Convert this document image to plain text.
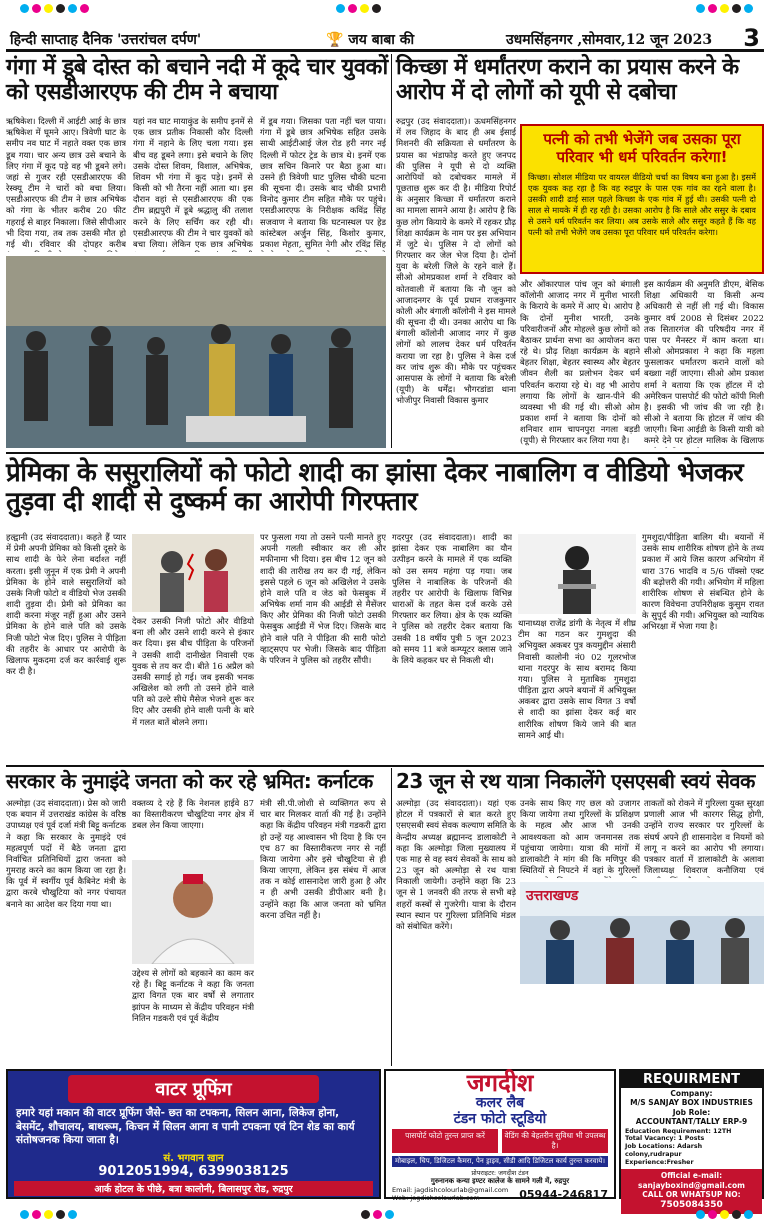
हिन्दी साप्ताह दैनिक 'उत्तरांचल दर्पण'	🏆 जय बाबा की	उधमसिंहनगर ,सोमवार,12 जून 2023 3
गंगा में डूबे दोस्त को बचाने नदी में कूदे चार युवकों को एसडीआरएफ की टीम ने बचाया
ऋषिकेश। दिल्ली में आईटी आई के छात्र ऋषिकेश में घूमने आए। त्रिवेणी घाट के समीप नव घाट में नहाते वक्त एक छात्र डूब गया। चार अन्य छात्र उसे बचाने के लिए गंगा में कूद पड़े वह भी डूबने लगे। जहां से गुजर रही एसडीआरएफ की रेस्क्यू टीम ने चारों को बचा लिया। एसडीआरएफ की टीम ने छात्र अभिषेक को गंगा के भीतर करीब 20 फीट गहराई से बाहर निकाला। जिसे सीपीआर भी दिया गया, तब तक उसकी मौत हो गई थी। रविवार की दोपहर करीब
यहां नव घाट मायाकुंड के समीप इनमें से एक छात्र प्रतीक निकासी कौर दिल्ली गंगा में नहाने के लिए चला गया। इस बीच वह डूबने लगा। इसे बचाने के लिए उसके दोस्त शिवम, विशाल, अभिषेक, शिवम भी गंगा में कूद पड़े। इनमें से किसी को भी तैरना नहीं आता था। इस दौरान वहां से एसडीआरएफ की एक टीम ब्रह्मपुरी में डूबे श्रद्धालु की तलाश करने के लिए सर्चिंग कर रही थी। एसडीआरएफ की टीम ने चार युवकों को बचा लिया। लेकिन एक छात्र अभिषेक
में डूब गया। जिसका पता नहीं चल पाया। गंगा में डूबे छात्र अभिषेक सहित उसके साथी आईटीआई जेल रोड हरी नगर नई दिल्ली में फोटर ट्रेड के छात्र थे। इनमें एक छात्र सचिन किनारे पर बैठा हुआ था। उसने ही त्रिवेणी घाट पुलिस चौकी घटना की सूचना दी। उसके बाद चौकी प्रभारी विनोद कुमार टीम सहित मौके पर पहुंचे। एसडीआरएफ के निरीक्षक कविंद्र सिंह सजवाण ने बताया कि घटनास्थल पर हेड कांस्टेबल अर्जुन सिंह, किशोर कुमार, प्रकाश मेहता, सुमित नेगी और रविंद्र सिंह
किच्छा में धर्मांतरण कराने का प्रयास करने के आरोप में दो लोगों को यूपी से दबोचा
रुद्रपुर (उद संवाददाता)। ऊधमसिंहनगर में लव जिहाद के बाद ही अब ईसाई मिशनरी की सक्रियता से धर्मांतरण के प्रयास का भंडाफोड़ करते हुए जनपद की पुलिस ने यूपी से दो व्यक्ति आरोपियों को दबोचकर मामले में पूछताछ शुरू कर दी है। मीडिया रिपोर्ट के अनुसार किच्छा में धर्मांतरण कराने का मामला सामने आया है। आरोप है कि कुछ लोग कियाये के कमरे में रहकर प्रौढ़ शिक्षा कार्यक्रम के नाम पर इस अभियान में जुटे थे। पुलिस ने दो लोगों को गिरफ्तार कर जेल भेज दिया है। दोनों युवा के बरेली जिले के रहने वाले हैं। सीओ ओमप्रकाश शर्मा ने रविवार को कोतवाली में बताया कि नौ जून को आजादनगर के पूर्व प्रधान राजकुमार कोली और बंगाली कॉलोनी ने इस मामले की सूचना दी थी। उनका आरोप था कि बंगाली कॉलोनी आजाद नगर में कुछ लोगों को लालच देकर धर्म परिवर्तन कराया जा रहा है। पुलिस ने केस दर्ज कर जांच शुरू की। मौके पर पहुंचकर आसपास के लोगों ने बताया कि बरेली (यूपी) के धर्मेंद्र। भौगरडांडा थाना भोजीपुर निवासी विकास कुमार
पत्नी को तभी भेजेंगे जब उसका पूरा परिवार भी धर्म परिवर्तन करेगा!
किच्छा। सोशल मीडिया पर वायरल वीडियो चर्चा का विषय बना हुआ है। इसमें एक युवक कह रहा है कि वह रुद्रपुर के पास एक गांव का रहने वाला है। उसकी शादी ढाई साल पहले किच्छा के एक गांव में हुई थी। उसकी पत्नी दो साल से मायके में ही रह रही है। उसका आरोप है कि साले और ससुर के दबाव से उसने धर्म परिवर्तन कर लिया। अब उसके साले और ससुर कहते हैं कि वह पत्नी को तभी भेजेंगे जब उसका पूरा परिवार धर्म परिवर्तन करेगा।
और ओंकारपाल पांच जून को बंगाली कॉलोनी आजाद नगर में मुनीश भारती के किराये के कमरे में आए थे। आरोप है कि दोनों मुनीश भारती, उनके परिवारीजनों और मोहल्ले कुछ लोगों को बैठाकर प्रार्थना सभा का आयोजन करा रहे थे। प्रौढ़ शिक्षा कार्यक्रम के बहाने बेहतर शिक्षा, बेहतर स्वास्थ्य और बेहतर जीवन शैली का प्रलोभन देकर धर्म परिवर्तन कराया रहे थे। वह भी आरोप लगाया कि लोगों के खान-पीने की व्यवस्था भी की गई थी। सीओ ओम प्रकाश शर्मा ने बताया कि दोनों को शनिवार शाम चापनपुरा नगला बड़डी (यूपी) से गिरफ्तार कर लिया गया है।
इस कार्यक्रम की अनुमति डीएम, बेसिक शिक्षा अधिकारी या किसी अन्य अधिकारी से नहीं ली गई थी। विकास कुमार वर्ष 2008 से दिसंबर 2022 तक सितारगंज की परिषदीय नगर में पास पर मैनस्टर में काम करता था। सीओ ओमप्रकाश ने कहा कि महला फुसलाकर धर्मांतरण कराने वालों को बख्शा नहीं जाएगा। सीओ ओम प्रकाश शर्मा ने बताया कि एक हॉटल में दो अमेरिकन पासपोर्ट की फोटो कॉपी मिली है। इसकी भी जांच की जा रही है। सीओ ने बताया कि होटल में जांच की जाएगी। बिना आईडी के किसी यात्री को कमरे देने पर होटल मालिक के खिलाफ
प्रेमिका के ससुरालियों को फोटो शादी का झांसा देकर नाबालिग व वीडियो भेजकर तुड़वा दी शादी से दुष्कर्म का आरोपी गिरफ्तार
हल्द्वानी (उद संवाददाता)। कहते हैं प्यार में प्रेमी अपनी प्रेमिका को किसी दूसरे के साथ शादी के फेरे लेना बर्दाश्त नहीं करता। इसी जुनून में एक प्रेमी ने अपनी प्रेमिका के होने वाले ससुरालियों को उसके निजी फोटो व वीडियो भेज उसकी शादी तुड़वा दी। प्रेमी को प्रेमिका का शादी करना मंजूर नहीं हुआ और उसने प्रेमिका के होने वाले पति को उसके निजी फोटो भेज दिए। पुलिस ने पीड़िता की तहरीर के आधार पर आरोपी के खिलाफ मुकदमा दर्ज कर कार्रवाई शुरू कर दी है।
देकर उसकी निजी फोटो और वीडियो बना ली और उसने शादी करने से इंकार कर दिया। इस बीच पीड़िता के परिजनों ने उसकी शादी दानीखेत निवासी एक युवक से तय कर दी। बीते 16 अप्रैल को उसकी सगाई हो गई। जब इसकी भनक अखिलेश को लगी तो उसने होने वाले पति को उल्टे सीधे मैसेज भेजने शुरू कर दिए और उसकी होने वाली पत्नी के बारे में गलत बातें बोलने लगा।
पर फुसला गया तो उसने पत्नी मानते हुए अपनी गलती स्वीकार कर ली और मफीनामा भी दिया। इस बीच 12 जून को शादी की तारीख तय कर दी गई, लेकिन इससे पहले 6 जून को अखिलेश ने उसके होने वाले पति व जेठ को फेसबुक में अभिषेक शर्मा नाम की आईडी से मैसेंजर किए और प्रेमिका की निजी फोटो उसकी फेसबुक आईडी में भेज दिए। जिसके बाद होने वाले पति ने पीड़िता की सारी फोटो व्हाट्सएप पर भेजी। जिसके बाद पीड़िता के परिजन ने पुलिस को तहरीर सौंपी।
गदरपुर (उद संवाददाता)। शादी का झांसा देकर एक नाबालिग का यौन उत्पीड़न करने के मामले में एक व्यक्ति को उस समय महंगा पड़ गया। जब पुलिस ने नाबालिक के परिजनों की तहरीर पर आरोपी के खिलाफ विभिन्न धाराओं के तहत केस दर्ज करके उसे गिरफ्तार कर लिया। क्षेत्र के एक व्यक्ति ने पुलिस को तहरीर देकर बताया कि उसकी 18 वर्षीय पुत्री 5 जून 2023 को समय 11 बजे कम्प्यूटर क्लास जाने के लिये कहकर घर से निकली थी।
थानाध्यक्ष राजेंद्र डांगी के नेतृत्व में शीघ्र टीम का गठन कर गुमशुदा की अभियुक्त अकबर पुत्र कयमुद्दीन अंसारी निवासी कालोनी नं0 02 गूलरभोज थाना गदरपुर के साथ बरामद किया गया। पुलिस ने मुताबिक गुमशुदा पीड़िता द्वारा अपने बयानों में अभियुक्त अकबर द्वारा उसके साथ विगत 3 वर्षों से शादी का झांसा देकर कई बार शारीरिक शोषण किये जाने की बात सामने आई थी।
गुमशुदा/पीड़िता बालिग थी। बयानों में उसके साथ शारीरिक शोषण होने के तथ्य प्रकाश में आये जिस कारण अभियोग में धारा 376 भादवि व 5/6 पॉक्सो एक्ट की बढ़ोत्तरी की गयी। अभियोग में महिला शारीरिक शोषण से संबन्धित होने के कारण विवेचना उपनिरीक्षक कुसुम रावत के सुपुर्द की गयी। अभियुक्त को न्यायिक अभिरक्षा में भेजा गया है।
सरकार के नुमाइंदे जनता को कर रहे भ्रमित: कर्नाटक
अल्मोड़ा (उद संवाददाता)। प्रेस को जारी एक बयान में उत्तराखंड कांग्रेस के वरिष्ठ उपाध्यक्ष एवं पूर्व दर्जा मंत्री बिट्टू कर्नाटक ने कहा कि सरकार के नुमाइंदे एवं महत्वपूर्ण पदों में बैठे जनता द्वारा निर्वाचित प्रतिनिधियों द्वारा जनता को गुमराह करने का काम किया जा रहा है। कि पूर्व में स्वर्गीय पूर्व कैबिनेट मंत्री के द्वारा करबे चौखुटिया को नगर पंचायत बनाने का आदेश कर दिया गया था।
वक्तव्य दे रहे हैं कि नेशनल हाईवे 87 का विस्तारीकरण चौखुटिया नगर क्षेत्र में डबल लेन किया जाएगा।
उद्देश्य से लोगों को बहकाने का काम कर रहे हैं। बिट्टू कर्नाटक ने कहा कि जनता द्वारा विगत एक बार वर्षों से लगातार झांपन के माध्यम से केंद्रीय परिवहन मंत्री नितिन गडकरी एवं पूर्व केंद्रीय
मंत्री सी.पी.जोशी से व्यक्तिगत रूप से चार बार मिलकर वार्ता की गई है। उन्होंने कहा कि केंद्रीय परिवहन मंत्री गडकरी द्वारा हो उन्हें यह आश्वासन भी दिया है कि एन एच 87 का विस्तारीकरण नगर से नहीं किया जायेगा और इसे चौखुटिया से ही किया जाएगा, लेकिन इस संबंध में आज तक न कोई शासनादेश जारी हुआ है और न ही अभी उसकी डीपीआर बनी है। उन्होंने कहा कि आज जनता को भ्रमित करना उचित नहीं है।
23 जून से रथ यात्रा निकालेंगे एसएसबी स्वयं सेवक
अल्मोड़ा (उद संवाददाता)। यहां एक होटल में पत्रकारों से बात करते हुए एसएसबी स्वयं सेवक कल्याण समिति के केन्द्रीय अध्यक्ष ब्रह्मानन्द डालाकोटी ने कहा कि अल्मोड़ा जिला मुख्यालय में एक माह से वह स्वयं सेवकों के साथ को 23 जून को अल्मोड़ा से रथ यात्रा निकाली जायेगी। उन्होंने कहा कि 23 जून से 1 जनवरी की तरफ से सभी बड़े शहरों कस्बों से गुजरेगी। यात्रा के दौरान स्थान स्थान पर गुरिल्ला प्रतिनिधि मंडल को संबोधित करेंगे।
उनके साथ किए गए छल को उजागर किया जायेगा तथा गुरिल्लों के प्रशिक्षण के महत्व और आज भी उनकी आवश्यकता को आम जनमानस तक पहुंचाया जायेगा। यात्रा की मांगों में डालाकोटी ने मांग की कि मणिपुर की स्थितियों से निपटने में वहां के गुरिल्लों
उत्तराखण्ड
ताकतों को रोकने में गुरिल्ला युक्त सुरक्षा प्रणाली आज भी कारगर सिद्ध होगी, उन्होंने राज्य सरकार पर गुरिल्लों के संघर्ष अपने ही शासनादेश व नियमों को लागू न करने का आरोप भी लगाया। पत्रकार वार्ता में डालाकोटी के अलावा जिलाध्यक्ष शिवराज कनौजिया एवं
वाटर प्रूफिंग
हमारे यहां मकान की वाटर प्रूफिंग जैसे- छत का टपकना, सिलन आना, लिकेज होना, बेसमेंट, शौचालय, बाथरूम, किचन में सिलन आना व पानी टपकना एवं टिन शेड का कार्य संतोषजनक किया जाता है।
सं. भगवान खान
9012051994, 6399038125
आर्क होटल के पीछे, बत्रा कालोनी, बिलासपुर रोड, रुद्रपुर
जगदीश
कलर लैब
टंडन फोटो स्टूडियो
पासपोर्ट फोटो तुरन्त प्राप्त करें	वेडिंग की बेहतरीन सुविधा भी उपलब्ध है।
मोबाइल, चिप, डिजिटल कैमरा, पेन ड्राइव, सीडी आदि डिजिटल कार्य तुरन्त करवाये।
प्रोपराइटर: जगदीश टंडन
गुरुनानक कन्या इण्टर कालेज के सामने गली में, रुद्रपुर
Email: jagdishcolourlab@gmail.com
Web: jagdishcolourlab.com	05944-246817
REQUIRMENT
Company:
M/S SANJAY BOX INDUSTRIES
Job Role:
ACCOUNTANT/TALLY ERP-9
Education Requirement: 12TH
Total Vacancy: 1 Posts
Job Locations: Adarsh colony,rudrapur
Experience:Fresher
Official e-mail:
sanjayboxind@gmail.com
CALL OR WHATSUP NO:
7505084350
